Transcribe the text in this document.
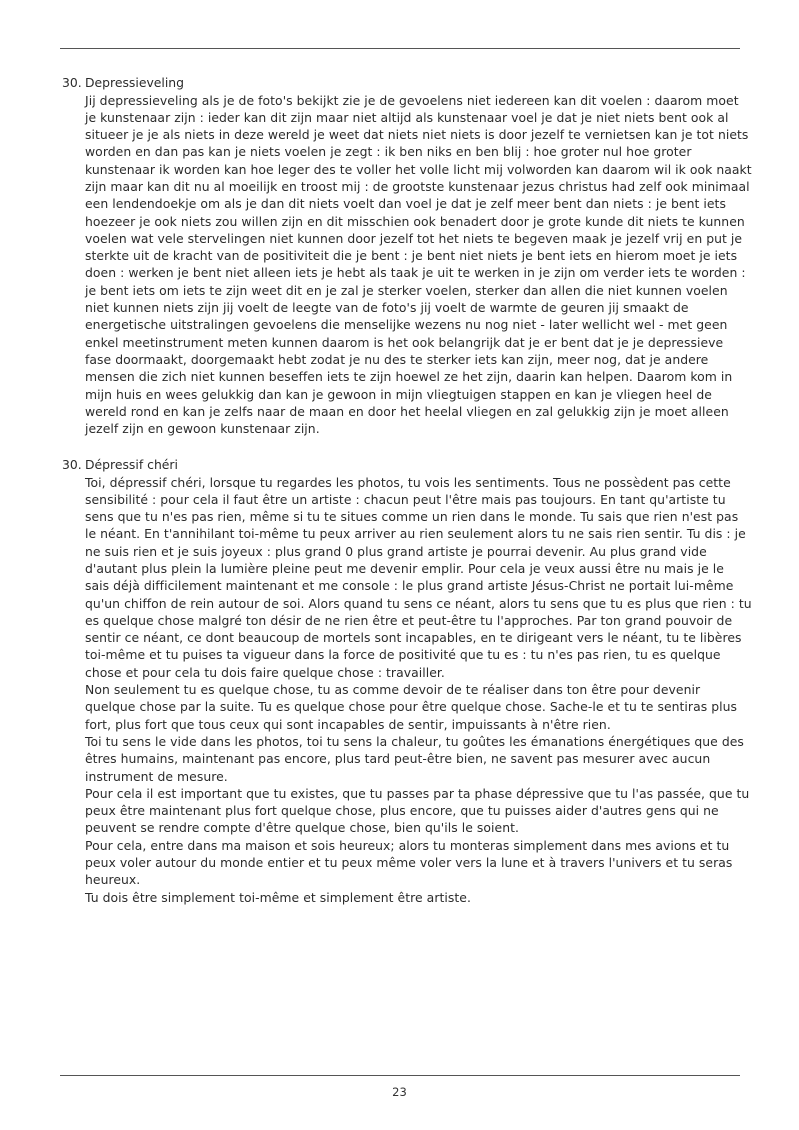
30. Depressieveling
Jij depressieveling als je de foto's bekijkt zie je de gevoelens niet iedereen kan dit voelen : daarom moet je kunstenaar zijn : ieder kan dit zijn maar niet altijd als kunstenaar voel je dat je niet niets bent ook al situeer je je als niets in deze wereld je weet dat niets niet niets is door jezelf te vernietsen kan je tot niets worden en dan pas kan je niets voelen je zegt : ik ben niks en ben blij : hoe groter nul hoe groter kunstenaar ik worden kan hoe leger des te voller het volle licht mij volworden kan daarom wil ik ook naakt zijn maar kan dit nu al moeilijk en troost mij : de grootste kunstenaar jezus christus had zelf ook minimaal een lendendoekje om als je dan dit niets voelt dan voel je dat je zelf meer bent dan niets : je bent iets hoezeer je ook niets zou willen zijn en dit misschien ook benadert door je grote kunde dit niets te kunnen voelen wat vele stervelingen niet kunnen door jezelf tot het niets te begeven maak je jezelf vrij en put je sterkte uit de kracht van de positiviteit die je bent : je bent niet niets je bent iets en hierom moet je iets doen : werken je bent niet alleen iets je hebt als taak je uit te werken in je zijn om verder iets te worden : je bent iets om iets te zijn weet dit en je zal je sterker voelen, sterker dan allen die niet kunnen voelen niet kunnen niets zijn jij voelt de leegte van de foto's jij voelt de warmte de geuren jij smaakt de energetische uitstralingen gevoelens die menselijke wezens nu nog niet - later wellicht wel - met geen enkel meetinstrument meten kunnen daarom is het ook belangrijk dat je er bent dat je je depressieve fase doormaakt, doorgemaakt hebt zodat je nu des te sterker iets kan zijn, meer nog, dat je andere mensen die zich niet kunnen beseffen iets te zijn hoewel ze het zijn, daarin kan helpen. Daarom kom in mijn huis en wees gelukkig dan kan je gewoon in mijn vliegtuigen stappen en kan je vliegen heel de wereld rond en kan je zelfs naar de maan en door het heelal vliegen en zal gelukkig zijn je moet alleen jezelf zijn en gewoon kunstenaar zijn.
30. Dépressif chéri
Toi, dépressif chéri, lorsque tu regardes les photos, tu vois les sentiments. Tous ne possèdent pas cette sensibilité : pour cela il faut être un artiste : chacun peut l'être mais pas toujours. En tant qu'artiste tu sens que tu n'es pas rien, même si tu te situes comme un rien dans le monde. Tu sais que rien n'est pas le néant. En t'annihilant toi-même tu peux arriver au rien seulement alors tu ne sais rien sentir. Tu dis : je ne suis rien et je suis joyeux : plus grand 0 plus grand artiste je pourrai devenir. Au plus grand vide d'autant plus plein la lumière pleine peut me devenir emplir. Pour cela je veux aussi être nu mais je le sais déjà difficilement maintenant et me console : le plus grand artiste Jésus-Christ ne portait lui-même qu'un chiffon de rein autour de soi. Alors quand tu sens ce néant, alors tu sens que tu es plus que rien : tu es quelque chose malgré ton désir de ne rien être et peut-être tu l'approches. Par ton grand pouvoir de sentir ce néant, ce dont beaucoup de mortels sont incapables, en te dirigeant vers le néant, tu te libères toi-même et tu puises ta vigueur dans la force de positivité que tu es : tu n'es pas rien, tu es quelque chose et pour cela tu dois faire quelque chose : travailler.
Non seulement tu es quelque chose, tu as comme devoir de te réaliser dans ton être pour devenir quelque chose par la suite. Tu es quelque chose pour être quelque chose. Sache-le et tu te sentiras plus fort, plus fort que tous ceux qui sont incapables de sentir, impuissants à n'être rien.
Toi tu sens le vide dans les photos, toi tu sens la chaleur, tu goûtes les émanations énergétiques que des êtres humains, maintenant pas encore, plus tard peut-être bien, ne savent pas mesurer avec aucun instrument de mesure.
Pour cela il est important que tu existes, que tu passes par ta phase dépressive que tu l'as passée, que tu peux être maintenant plus fort quelque chose, plus encore, que tu puisses aider d'autres gens qui ne peuvent se rendre compte d'être quelque chose, bien qu'ils le soient.
Pour cela, entre dans ma maison et sois heureux; alors tu monteras simplement dans mes avions et tu peux voler autour du monde entier et tu peux même voler vers la lune et à travers l'univers et tu seras heureux.
Tu dois être simplement toi-même et simplement être artiste.
23
